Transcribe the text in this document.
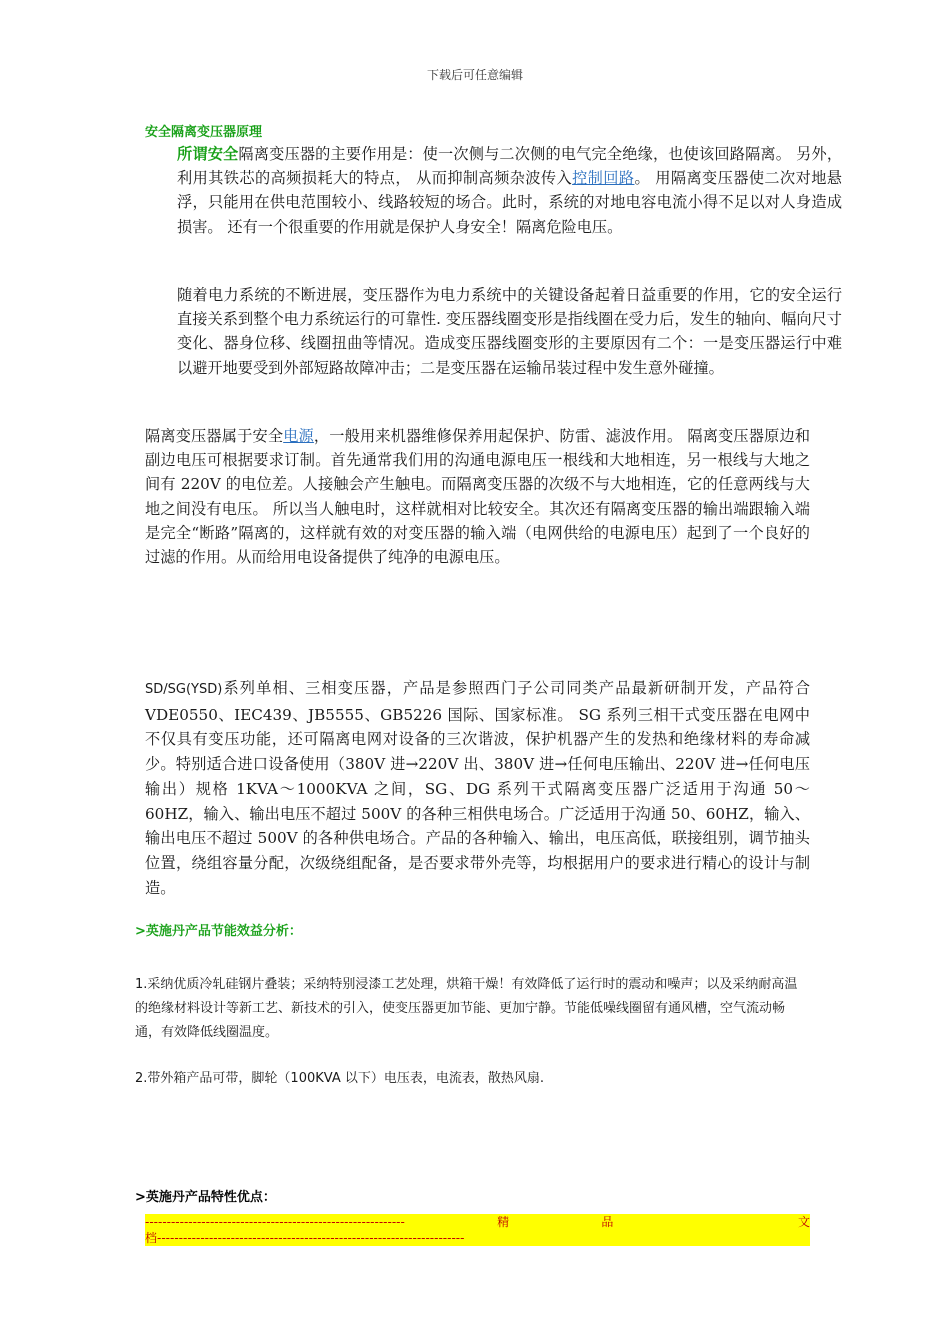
下载后可任意编辑
安全隔离变压器原理

所谓安全隔离变压器的主要作用是：使一次侧与二次侧的电气完全绝缘，也使该回路隔离。 另外， 利用其铁芯的高频损耗大的特点， 从而抑制高频杂波传入控制回路。 用隔离变压器使二次对地悬浮，只能用在供电范围较小、线路较短的场合。此时，系统的对地电容电流小得不足以对人身造成损害。 还有一个很重要的作用就是保护人身安全！隔离危险电压。

随着电力系统的不断进展，变压器作为电力系统中的关键设备起着日益重要的作用，它的安全运行直接关系到整个电力系统运行的可靠性. 变压器线圈变形是指线圈在受力后，发生的轴向、幅向尺寸变化、器身位移、线圈扭曲等情况。造成变压器线圈变形的主要原因有二个：一是变压器运行中难以避开地要受到外部短路故障冲击；二是变压器在运输吊装过程中发生意外碰撞。

隔离变压器属于安全电源，一般用来机器维修保养用起保护、防雷、滤波作用。 隔离变压器原边和副边电压可根据要求订制。首先通常我们用的沟通电源电压一根线和大地相连，另一根线与大地之间有 220V 的电位差。人接触会产生触电。而隔离变压器的次级不与大地相连，它的任意两线与大地之间没有电压。 所以当人触电时，这样就相对比较安全。其次还有隔离变压器的输出端跟输入端是完全“断路”隔离的，这样就有效的对变压器的输入端（电网供给的电源电压）起到了一个良好的过滤的作用。从而给用电设备提供了纯净的电源电压。

SD/SG(YSD)系列单相、三相变压器，产品是参照西门子公司同类产品最新研制开发，产品符合 VDE0550、IEC439、JB5555、GB5226 国际、国家标准。 SG 系列三相干式变压器在电网中不仅具有变压功能，还可隔离电网对设备的三次谐波，保护机器产生的发热和绝缘材料的寿命减少。特别适合进口设备使用（380V 进→220V 出、380V 进→任何电压输出、220V 进→任何电压输出）规格 1KVA～1000KVA 之间，SG、DG 系列干式隔离变压器广泛适用于沟通 50～60HZ，输入、输出电压不超过 500V 的各种三相供电场合。广泛适用于沟通 50、60HZ，输入、输出电压不超过 500V 的各种供电场合。产品的各种输入、输出，电压高低，联接组别，调节抽头位置，绕组容量分配，次级绕组配备，是否要求带外壳等，均根据用户的要求进行精心的设计与制造。

>英施丹产品节能效益分析：

1.采纳优质冷轧硅钢片叠装；采纳特别浸漆工艺处理，烘箱干燥！有效降低了运行时的震动和噪声；以及采纳耐高温的绝缘材料设计等新工艺、新技术的引入，使变压器更加节能、更加宁静。节能低噪线圈留有通风槽，空气流动畅通，有效降低线圈温度。

2.带外箱产品可带，脚轮（100KVA 以下）电压表，电流表，散热风扇.

>英施丹产品特性优点：
------------------------------------------------------------	精	品	文
档-----------------------------------------------------------------------
